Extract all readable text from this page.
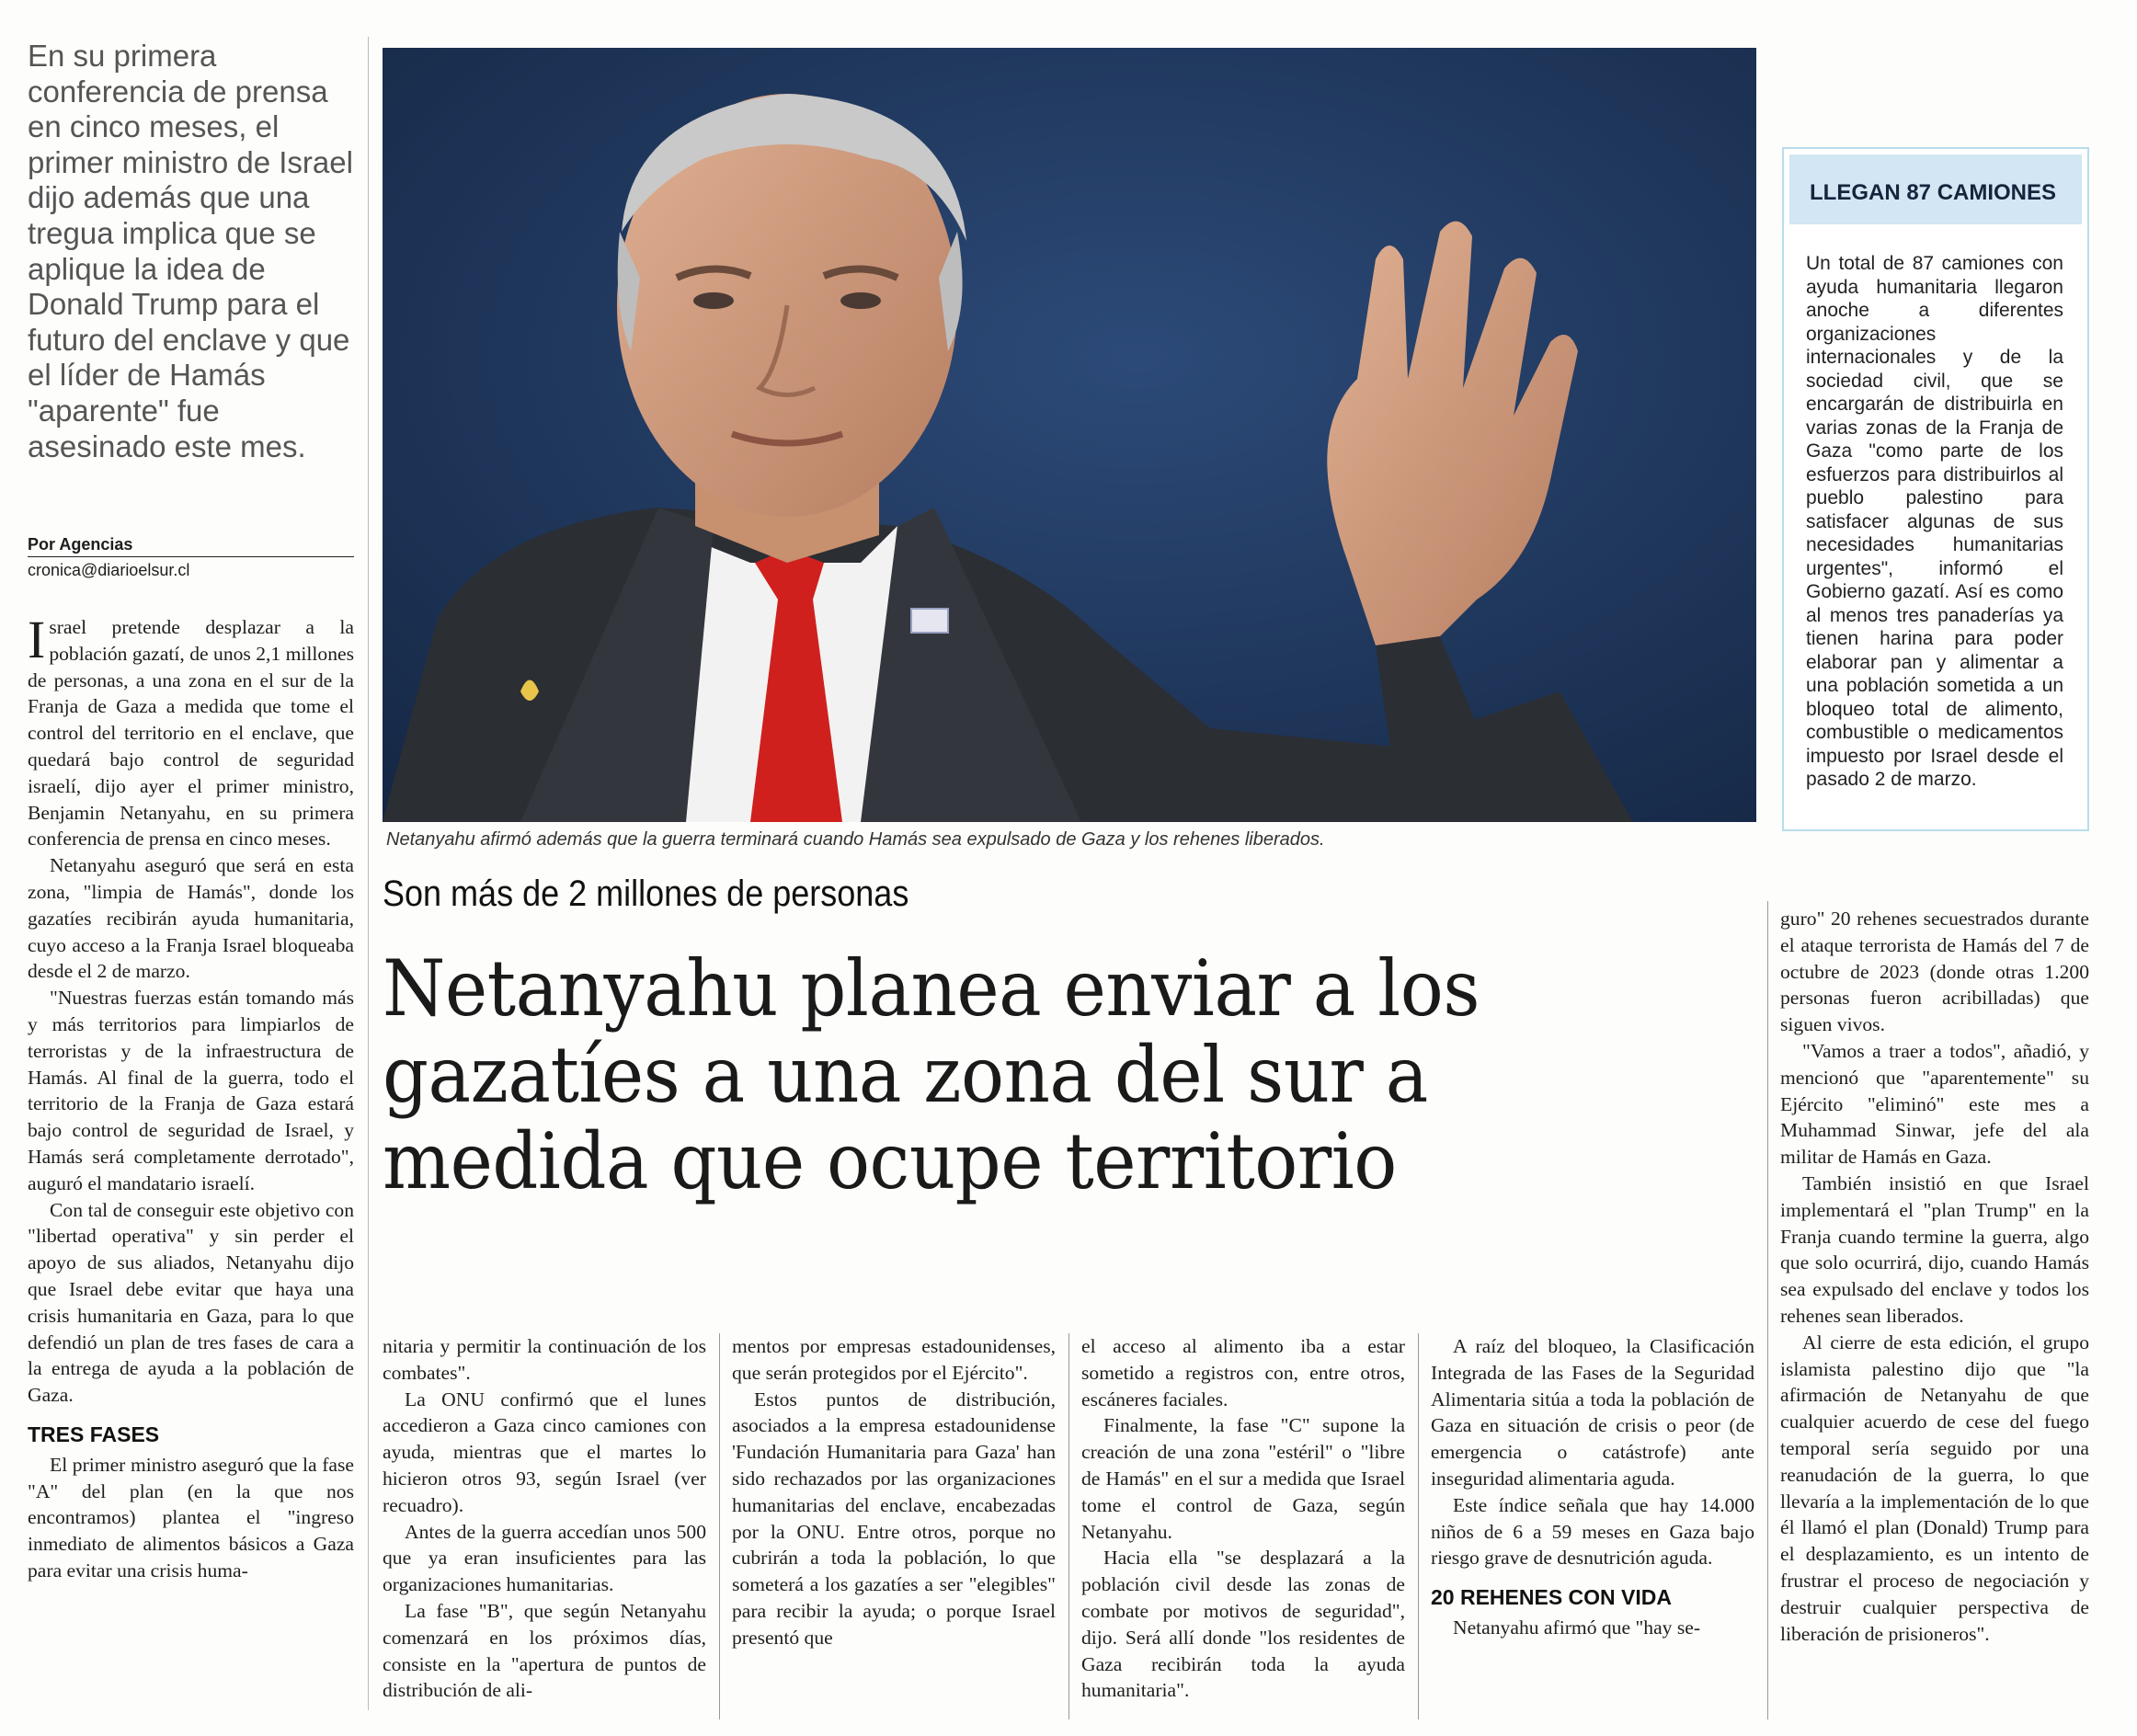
En su primera conferencia de prensa en cinco meses, el primer ministro de Israel dijo además que una tregua implica que se aplique la idea de Donald Trump para el futuro del enclave y que el líder de Hamás "aparente" fue asesinado este mes.
Por Agencias
cronica@diarioelsur.cl

Israel pretende desplazar a la población gazatí, de unos 2,1 millones de personas, a una zona en el sur de la Franja de Gaza a medida que tome el control del territorio en el enclave, que quedará bajo control de seguridad israelí, dijo ayer el primer ministro, Benjamin Netanyahu, en su primera conferencia de prensa en cinco meses.

Netanyahu aseguró que será en esta zona, "limpia de Hamás", donde los gazatíes recibirán ayuda humanitaria, cuyo acceso a la Franja Israel bloqueaba desde el 2 de marzo.

"Nuestras fuerzas están tomando más y más territorios para limpiarlos de terroristas y de la infraestructura de Hamás. Al final de la guerra, todo el territorio de la Franja de Gaza estará bajo control de seguridad de Israel, y Hamás será completamente derrotado", auguró el mandatario israelí.

Con tal de conseguir este objetivo con "libertad operativa" y sin perder el apoyo de sus aliados, Netanyahu dijo que Israel debe evitar que haya una crisis humanitaria en Gaza, para lo que defendió un plan de tres fases de cara a la entrega de ayuda a la población de Gaza.

TRES FASES

El primer ministro aseguró que la fase "A" del plan (en la que nos encontramos) plantea el "ingreso inmediato de alimentos básicos a Gaza para evitar una crisis huma-

Netanyahu afirmó además que la guerra terminará cuando Hamás sea expulsado de Gaza y los rehenes liberados.
Son más de 2 millones de personas
Netanyahu planea enviar a los gazatíes a una zona del sur a medida que ocupe territorio

nitaria y permitir la continuación de los combates".

La ONU confirmó que el lunes accedieron a Gaza cinco camiones con ayuda, mientras que el martes lo hicieron otros 93, según Israel (ver recuadro).

Antes de la guerra accedían unos 500 que ya eran insuficientes para las organizaciones humanitarias.

La fase "B", que según Netanyahu comenzará en los próximos días, consiste en la "apertura de puntos de distribución de ali-

mentos por empresas estadounidenses, que serán protegidos por el Ejército".

Estos puntos de distribución, asociados a la empresa estadounidense 'Fundación Humanitaria para Gaza' han sido rechazados por las organizaciones humanitarias del enclave, encabezadas por la ONU. Entre otros, porque no cubrirán a toda la población, lo que someterá a los gazatíes a ser "elegibles" para recibir la ayuda; o porque Israel presentó que

el acceso al alimento iba a estar sometido a registros con, entre otros, escáneres faciales.

Finalmente, la fase "C" supone la creación de una zona "estéril" o "libre de Hamás" en el sur a medida que Israel tome el control de Gaza, según Netanyahu.

Hacia ella "se desplazará a la población civil desde las zonas de combate por motivos de seguridad", dijo. Será allí donde "los residentes de Gaza recibirán toda la ayuda humanitaria".

A raíz del bloqueo, la Clasificación Integrada de las Fases de la Seguridad Alimentaria sitúa a toda la población de Gaza en situación de crisis o peor (de emergencia o catástrofe) ante inseguridad alimentaria aguda.

Este índice señala que hay 14.000 niños de 6 a 59 meses en Gaza bajo riesgo grave de desnutrición aguda.

20 REHENES CON VIDA

Netanyahu afirmó que "hay se-

guro" 20 rehenes secuestrados durante el ataque terrorista de Hamás del 7 de octubre de 2023 (donde otras 1.200 personas fueron acribilladas) que siguen vivos.

"Vamos a traer a todos", añadió, y mencionó que "aparentemente" su Ejército "eliminó" este mes a Muhammad Sinwar, jefe del ala militar de Hamás en Gaza.

También insistió en que Israel implementará el "plan Trump" en la Franja cuando termine la guerra, algo que solo ocurrirá, dijo, cuando Hamás sea expulsado del enclave y todos los rehenes sean liberados.

Al cierre de esta edición, el grupo islamista palestino dijo que "la afirmación de Netanyahu de que cualquier acuerdo de cese del fuego temporal sería seguido por una reanudación de la guerra, lo que llevaría a la implementación de lo que él llamó el plan (Donald) Trump para el desplazamiento, es un intento de frustrar el proceso de negociación y destruir cualquier perspectiva de liberación de prisioneros".

LLEGAN 87 CAMIONES
Un total de 87 camiones con ayuda humanitaria llegaron anoche a diferentes organizaciones internacionales y de la sociedad civil, que se encargarán de distribuirla en varias zonas de la Franja de Gaza "como parte de los esfuerzos para distribuirlos al pueblo palestino para satisfacer algunas de sus necesidades humanitarias urgentes", informó el Gobierno gazatí. Así es como al menos tres panaderías ya tienen harina para poder elaborar pan y alimentar a una población sometida a un bloqueo total de alimento, combustible o medicamentos impuesto por Israel desde el pasado 2 de marzo.
